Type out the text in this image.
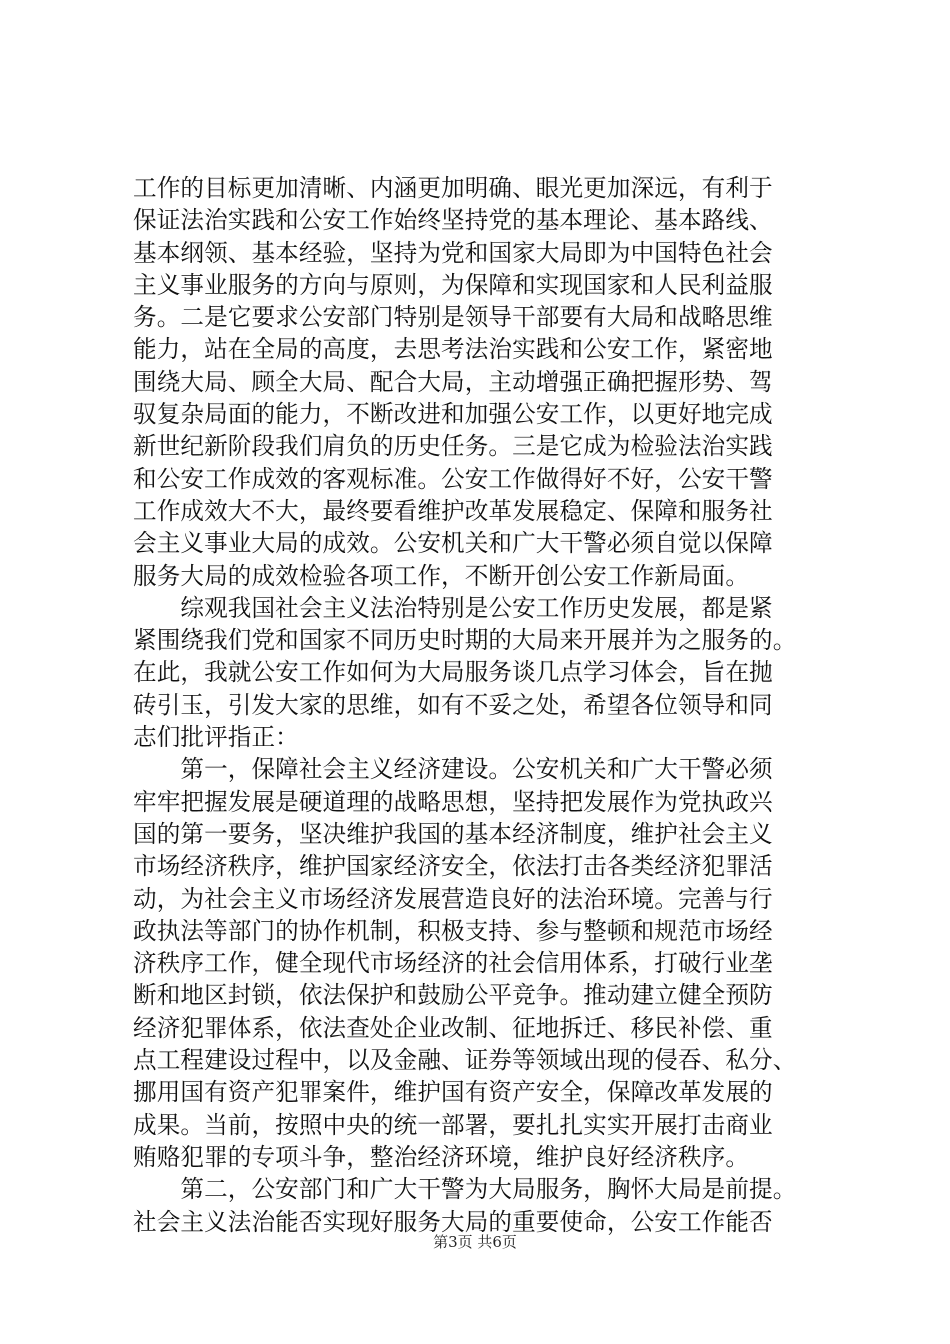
工作的目标更加清晰、内涵更加明确、眼光更加深远，有利于
保证法治实践和公安工作始终坚持党的基本理论、基本路线、
基本纲领、基本经验，坚持为党和国家大局即为中国特色社会
主义事业服务的方向与原则，为保障和实现国家和人民利益服
务。二是它要求公安部门特别是领导干部要有大局和战略思维
能力，站在全局的高度，去思考法治实践和公安工作，紧密地
围绕大局、顾全大局、配合大局，主动增强正确把握形势、驾
驭复杂局面的能力，不断改进和加强公安工作，以更好地完成
新世纪新阶段我们肩负的历史任务。三是它成为检验法治实践
和公安工作成效的客观标准。公安工作做得好不好，公安干警
工作成效大不大，最终要看维护改革发展稳定、保障和服务社
会主义事业大局的成效。公安机关和广大干警必须自觉以保障
服务大局的成效检验各项工作，不断开创公安工作新局面。
　　综观我国社会主义法治特别是公安工作历史发展，都是紧
紧围绕我们党和国家不同历史时期的大局来开展并为之服务的。
在此，我就公安工作如何为大局服务谈几点学习体会，旨在抛
砖引玉，引发大家的思维，如有不妥之处，希望各位领导和同
志们批评指正：
　　第一，保障社会主义经济建设。公安机关和广大干警必须
牢牢把握发展是硬道理的战略思想，坚持把发展作为党执政兴
国的第一要务，坚决维护我国的基本经济制度，维护社会主义
市场经济秩序，维护国家经济安全，依法打击各类经济犯罪活
动，为社会主义市场经济发展营造良好的法治环境。完善与行
政执法等部门的协作机制，积极支持、参与整顿和规范市场经
济秩序工作，健全现代市场经济的社会信用体系，打破行业垄
断和地区封锁，依法保护和鼓励公平竞争。推动建立健全预防
经济犯罪体系，依法查处企业改制、征地拆迁、移民补偿、重
点工程建设过程中，以及金融、证券等领域出现的侵吞、私分、
挪用国有资产犯罪案件，维护国有资产安全，保障改革发展的
成果。当前，按照中央的统一部署，要扎扎实实开展打击商业
贿赂犯罪的专项斗争，整治经济环境，维护良好经济秩序。
　　第二，公安部门和广大干警为大局服务，胸怀大局是前提。
社会主义法治能否实现好服务大局的重要使命，公安工作能否
第3页 共6页
